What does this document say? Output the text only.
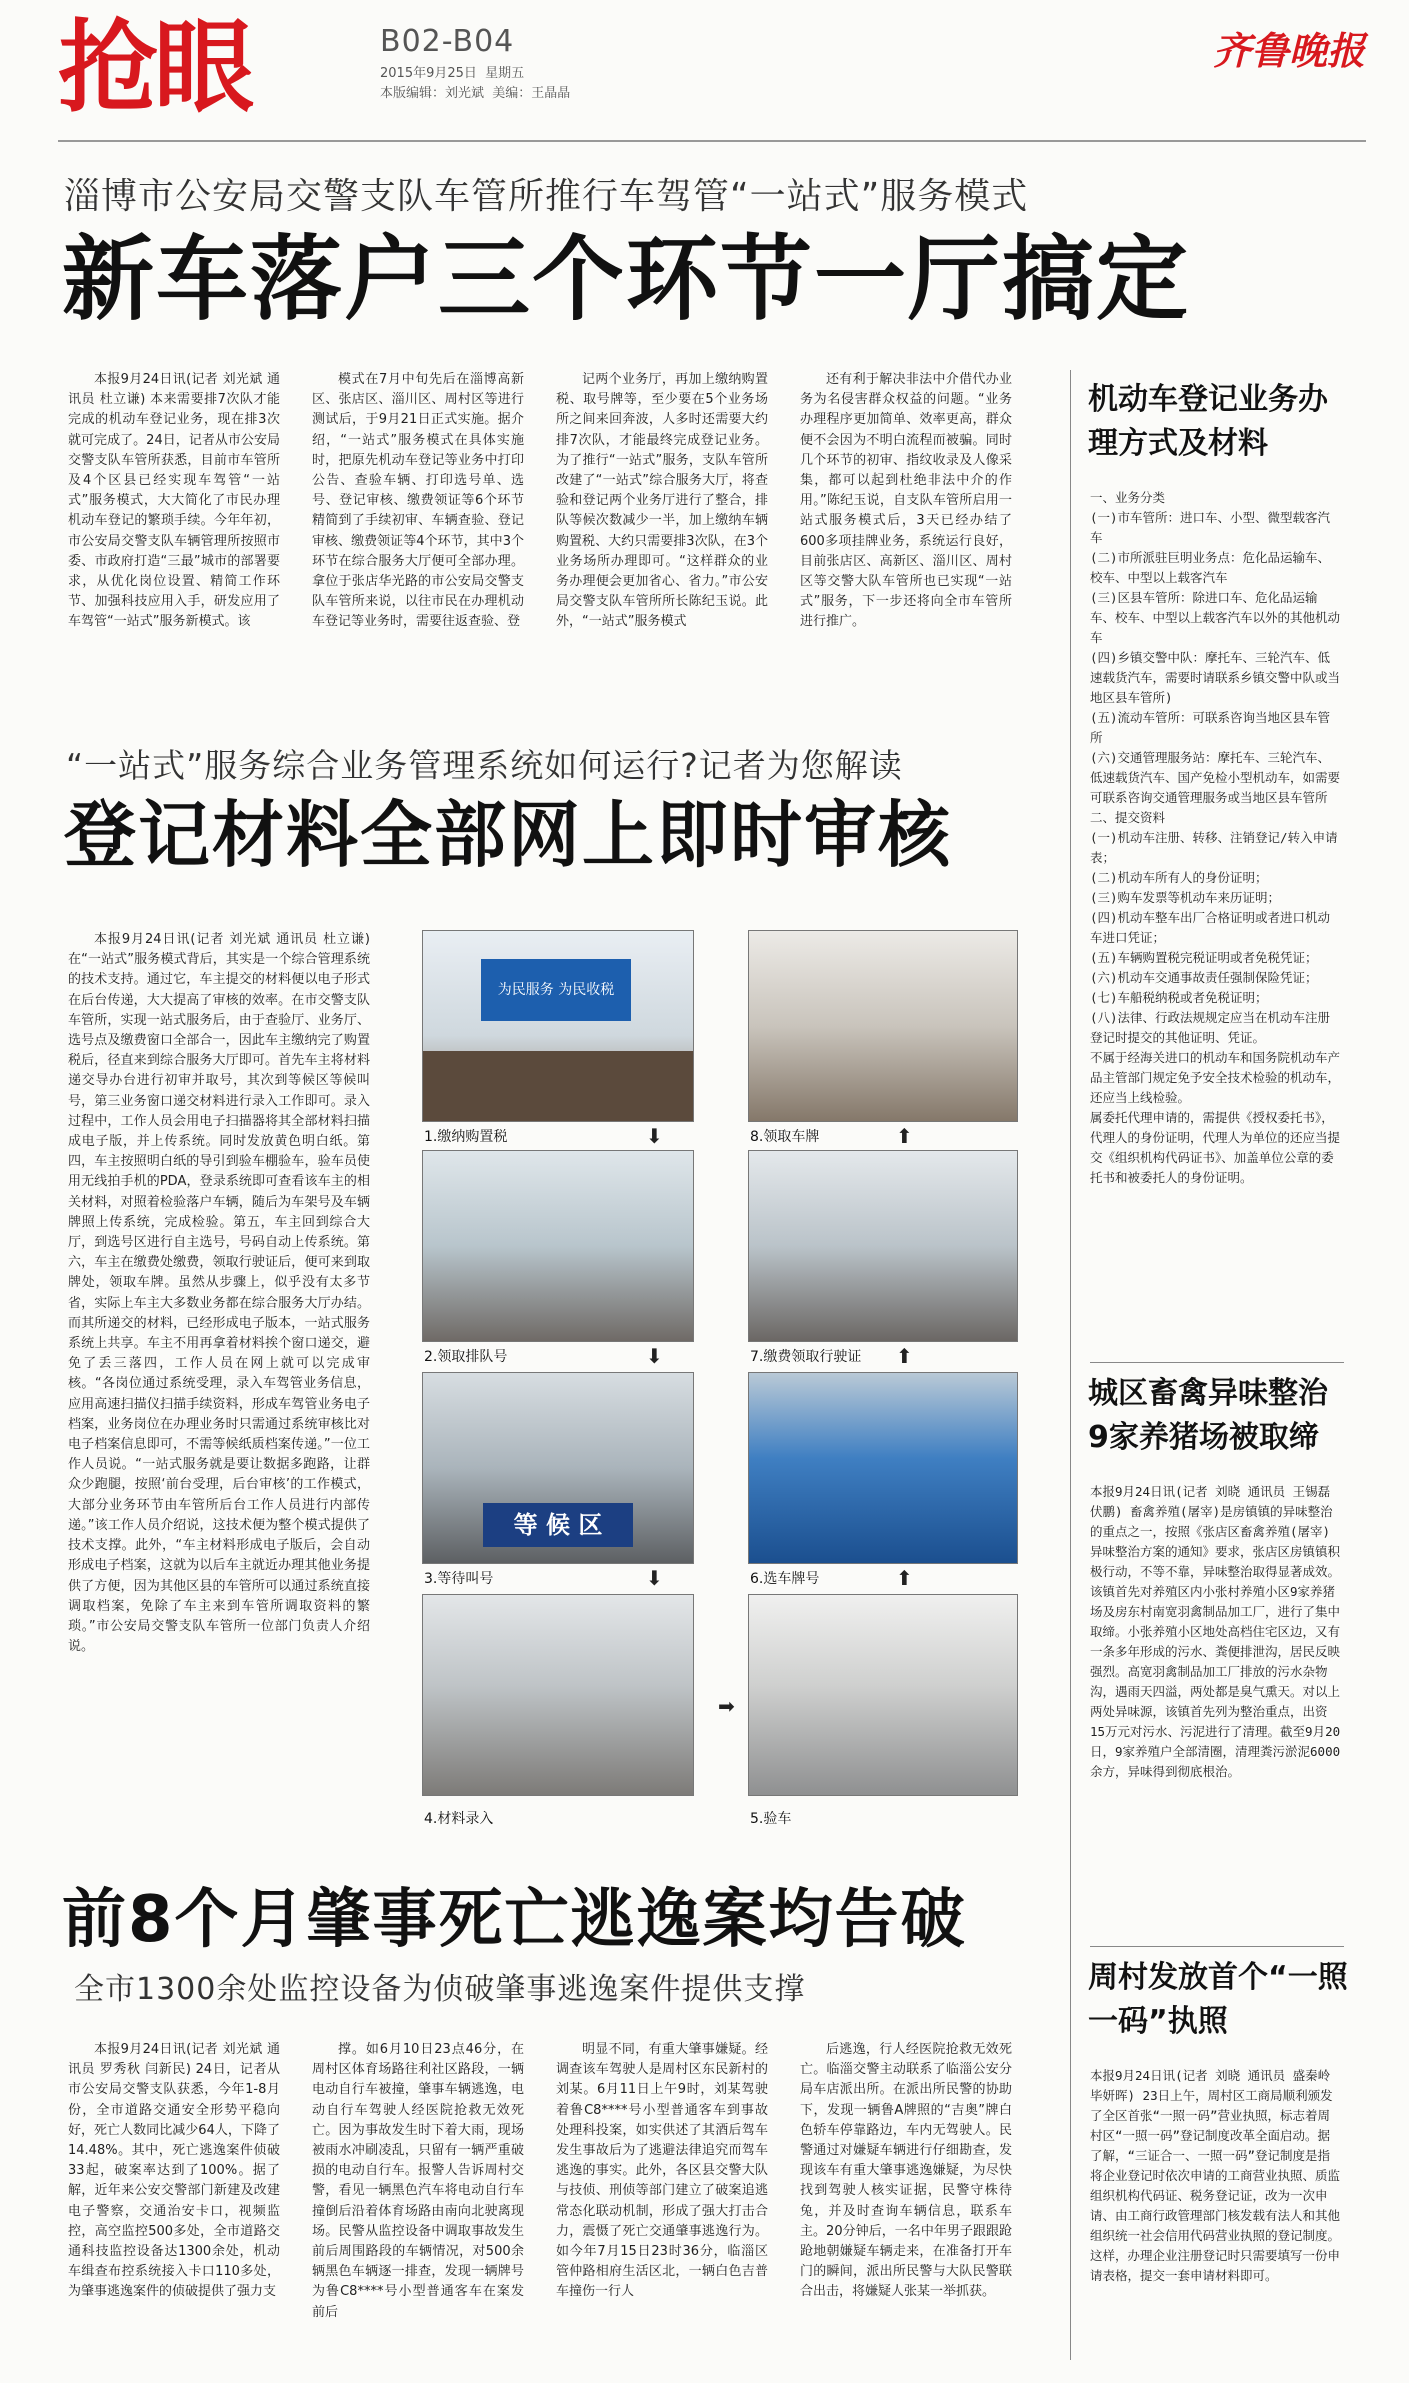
抢眼	B02-B04
2015年9月25日 星期五
本版编辑：刘光斌 美编：王晶晶
齐鲁晚报
淄博市公安局交警支队车管所推行车驾管“一站式”服务模式
新车落户三个环节一厅搞定

本报9月24日讯(记者 刘光斌 通讯员 杜立谦) 本来需要排7次队才能完成的机动车登记业务，现在排3次就可完成了。24日，记者从市公安局交警支队车管所获悉，目前市车管所及4个区县已经实现车驾管“一站式”服务模式，大大简化了市民办理机动车登记的繁琐手续。今年年初，市公安局交警支队车辆管理所按照市委、市政府打造“三最”城市的部署要求，从优化岗位设置、精简工作环节、加强科技应用入手，研发应用了车驾管“一站式”服务新模式。该

模式在7月中旬先后在淄博高新区、张店区、淄川区、周村区等进行测试后，于9月21日正式实施。据介绍，“一站式”服务模式在具体实施时，把原先机动车登记等业务中打印公告、查验车辆、打印选号单、选号、登记审核、缴费领证等6个环节精简到了手续初审、车辆查验、登记审核、缴费领证等4个环节，其中3个环节在综合服务大厅便可全部办理。拿位于张店华光路的市公安局交警支队车管所来说，以往市民在办理机动车登记等业务时，需要往返查验、登

记两个业务厅，再加上缴纳购置税、取号牌等，至少要在5个业务场所之间来回奔波，人多时还需要大约排7次队，才能最终完成登记业务。为了推行“一站式”服务，支队车管所改建了“一站式”综合服务大厅，将查验和登记两个业务厅进行了整合，排队等候次数减少一半，加上缴纳车辆购置税、大约只需要排3次队，在3个业务场所办理即可。“这样群众的业务办理便会更加省心、省力。”市公安局交警支队车管所所长陈纪玉说。此外，“一站式”服务模式

还有利于解决非法中介借代办业务为名侵害群众权益的问题。“业务办理程序更加简单、效率更高，群众便不会因为不明白流程而被骗。同时几个环节的初审、指纹收录及人像采集，都可以起到杜绝非法中介的作用。”陈纪玉说，自支队车管所启用一站式服务模式后，3天已经办结了600多项挂牌业务，系统运行良好，目前张店区、高新区、淄川区、周村区等交警大队车管所也已实现“一站式”服务，下一步还将向全市车管所进行推广。

“一站式”服务综合业务管理系统如何运行?记者为您解读
登记材料全部网上即时审核

本报9月24日讯(记者 刘光斌 通讯员 杜立谦) 在“一站式”服务模式背后，其实是一个综合管理系统的技术支持。通过它，车主提交的材料便以电子形式在后台传递，大大提高了审核的效率。在市交警支队车管所，实现一站式服务后，由于查验厅、业务厅、选号点及缴费窗口全部合一，因此车主缴纳完了购置税后，径直来到综合服务大厅即可。首先车主将材料递交导办台进行初审并取号，其次到等候区等候叫号，第三业务窗口递交材料进行录入工作即可。录入过程中，工作人员会用电子扫描器将其全部材料扫描成电子版，并上传系统。同时发放黄色明白纸。第四，车主按照明白纸的导引到验车棚验车，验车员使用无线拍手机的PDA，登录系统即可查看该车主的相关材料，对照着检验落户车辆，随后为车架号及车辆牌照上传系统，完成检验。第五，车主回到综合大厅，到选号区进行自主选号，号码自动上传系统。第六，车主在缴费处缴费，领取行驶证后，便可来到取牌处，领取车牌。虽然从步骤上，似乎没有太多节省，实际上车主大多数业务都在综合服务大厅办结。而其所递交的材料，已经形成电子版本，一站式服务系统上共享。车主不用再拿着材料挨个窗口递交，避免了丢三落四，工作人员在网上就可以完成审核。“各岗位通过系统受理，录入车驾管业务信息，应用高速扫描仪扫描手续资料，形成车驾管业务电子档案，业务岗位在办理业务时只需通过系统审核比对电子档案信息即可，不需等候纸质档案传递。”一位工作人员说。“一站式服务就是要让数据多跑路，让群众少跑腿，按照‘前台受理，后台审核’的工作模式，大部分业务环节由车管所后台工作人员进行内部传递。”该工作人员介绍说，这技术便为整个模式提供了技术支撑。此外，“车主材料形成电子版后，会自动形成电子档案，这就为以后车主就近办理其他业务提供了方便，因为其他区县的车管所可以通过系统直接调取档案，免除了车主来到车管所调取资料的繁琐。”市公安局交警支队车管所一位部门负责人介绍说。

为民服务 为民收税
1.缴纳购置税	⬇
2.领取排队号	⬇
等 候 区
3.等待叫号	⬇
4.材料录入
➡
8.领取车牌	⬆
7.缴费领取行驶证 ⬆
6.选车牌号	⬆
5.验车
前8个月肇事死亡逃逸案均告破
全市1300余处监控设备为侦破肇事逃逸案件提供支撑

本报9月24日讯(记者 刘光斌 通讯员 罗秀秋 闫新民) 24日，记者从市公安局交警支队获悉，今年1-8月份，全市道路交通安全形势平稳向好，死亡人数同比减少64人，下降了14.48%。其中，死亡逃逸案件侦破33起，破案率达到了100%。据了解，近年来公安交警部门新建及改建电子警察，交通治安卡口，视频监控，高空监控500多处，全市道路交通科技监控设备达1300余处，机动车缉查布控系统接入卡口110多处，为肇事逃逸案件的侦破提供了强力支

撑。如6月10日23点46分，在周村区体育场路往利社区路段，一辆电动自行车被撞，肇事车辆逃逸，电动自行车驾驶人经医院抢救无效死亡。因为事故发生时下着大雨，现场被雨水冲刷凌乱，只留有一辆严重破损的电动自行车。报警人告诉周村交警，看见一辆黑色汽车将电动自行车撞倒后沿着体育场路由南向北驶离现场。民警从监控设备中调取事故发生前后周围路段的车辆情况，对500余辆黑色车辆逐一排查，发现一辆牌号为鲁C8****号小型普通客车在案发前后

明显不同，有重大肇事嫌疑。经调查该车驾驶人是周村区东民新村的刘某。6月11日上午9时，刘某驾驶着鲁C8****号小型普通客车到事故处理科投案，如实供述了其酒后驾车发生事故后为了逃避法律追究而驾车逃逸的事实。此外，各区县交警大队与技侦、刑侦等部门建立了破案追逃常态化联动机制，形成了强大打击合力，震慑了死亡交通肇事逃逸行为。如今年7月15日23时36分，临淄区管仲路相府生活区北，一辆白色吉普车撞伤一行人

后逃逸，行人经医院抢救无效死亡。临淄交警主动联系了临淄公安分局车店派出所。在派出所民警的协助下，发现一辆鲁A牌照的“吉奥”牌白色轿车停靠路边，车内无驾驶人。民警通过对嫌疑车辆进行仔细勘查，发现该车有重大肇事逃逸嫌疑，为尽快找到驾驶人核实证据，民警守株待兔，并及时查询车辆信息，联系车主。20分钟后，一名中年男子跟跟跄跄地朝嫌疑车辆走来，在准备打开车门的瞬间，派出所民警与大队民警联合出击，将嫌疑人张某一举抓获。

机动车登记业务办理方式及材料

一、业务分类

(一)市车管所：进口车、小型、微型载客汽车

(二)市所派驻巨明业务点：危化品运输车、校车、中型以上载客汽车

(三)区县车管所：除进口车、危化品运输车、校车、中型以上载客汽车以外的其他机动车

(四)乡镇交警中队：摩托车、三轮汽车、低速载货汽车，需要时请联系乡镇交警中队或当地区县车管所)

(五)流动车管所：可联系咨询当地区县车管所

(六)交通管理服务站：摩托车、三轮汽车、低速载货汽车、国产免检小型机动车，如需要可联系咨询交通管理服务或当地区县车管所

二、提交资料

(一)机动车注册、转移、注销登记/转入申请表；

(二)机动车所有人的身份证明；

(三)购车发票等机动车来历证明；

(四)机动车整车出厂合格证明或者进口机动车进口凭证；

(五)车辆购置税完税证明或者免税凭证；

(六)机动车交通事故责任强制保险凭证；

(七)车船税纳税或者免税证明；

(八)法律、行政法规规定应当在机动车注册登记时提交的其他证明、凭证。

不属于经海关进口的机动车和国务院机动车产品主管部门规定免予安全技术检验的机动车，还应当上线检验。

属委托代理申请的，需提供《授权委托书》，代理人的身份证明，代理人为单位的还应当提交《组织机构代码证书》、加盖单位公章的委托书和被委托人的身份证明。

城区畜禽异味整治9家养猪场被取缔

本报9月24日讯(记者 刘晓 通讯员 王锡磊 伏鹏) 畜禽养殖(屠宰)是房镇镇的异味整治的重点之一，按照《张店区畜禽养殖(屠宰)异味整治方案的通知》要求，张店区房镇镇积极行动，不等不靠，异味整治取得显著成效。该镇首先对养殖区内小张村养殖小区9家养猪场及房东村南宽羽禽制品加工厂，进行了集中取缔。小张养殖小区地处高档住宅区边，又有一条多年形成的污水、粪便排泄沟，居民反映强烈。高宽羽禽制品加工厂排放的污水杂物沟，遇雨天四溢，两处都是臭气熏天。对以上两处异味源，该镇首先列为整治重点，出资15万元对污水、污泥进行了清理。截至9月20日，9家养殖户全部清圈，清理粪污淤泥6000余方，异味得到彻底根治。

周村发放首个“一照一码”执照

本报9月24日讯(记者 刘晓 通讯员 盛秦岭 毕妍晖) 23日上午，周村区工商局顺利颁发了全区首张“一照一码”营业执照，标志着周村区“一照一码”登记制度改革全面启动。据了解，“三证合一、一照一码”登记制度是指将企业登记时依次申请的工商营业执照、质监组织机构代码证、税务登记证，改为一次申请、由工商行政管理部门核发载有法人和其他组织统一社会信用代码营业执照的登记制度。这样，办理企业注册登记时只需要填写一份申请表格，提交一套申请材料即可。
